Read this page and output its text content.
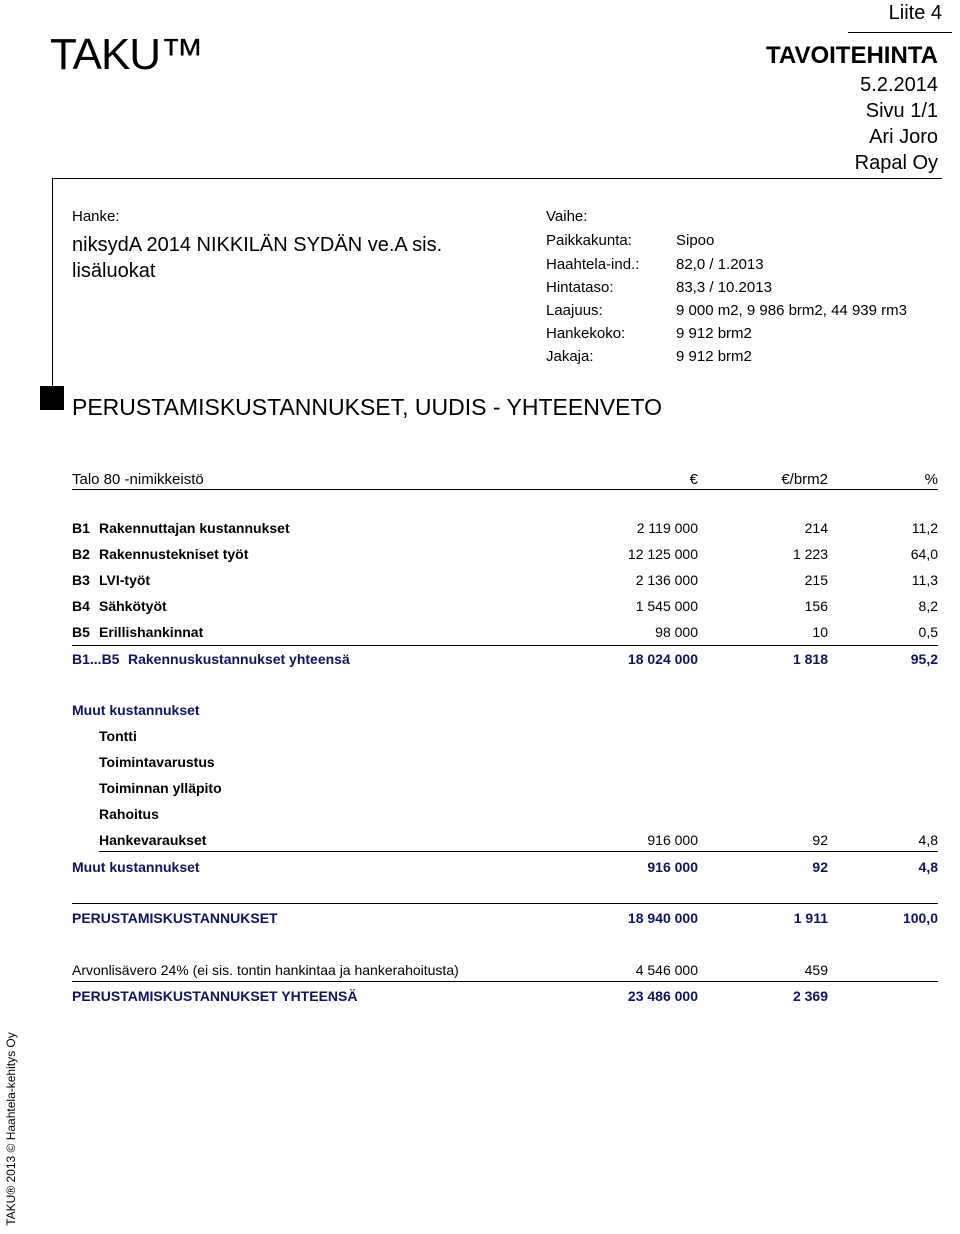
Liite 4
TAKU™	TAVOITEHINTA
5.2.2014
Sivu 1/1
Ari Joro
Rapal Oy
Hanke:
niksydA 2014 NIKKILÄN SYDÄN ve.A sis. lisäluokat
Vaihe:
Paikkakunta:	Sipoo
Haahtela-ind.: 82,0 / 1.2013
Hintataso:	83,3 / 10.2013
Laajuus:	9 000 m2, 9 986 brm2, 44 939 rm3
Hankekoko:	9 912 brm2
Jakaja:	9 912 brm2
PERUSTAMISKUSTANNUKSET, UUDIS - YHTEENVETO
Talo 80 -nimikkeistö	€	€/brm2	%
B1 Rakennuttajan kustannukset	2 119 000	214	11,2
B2 Rakennustekniset työt	12 125 000	1 223	64,0
B3 LVI-työt	2 136 000	215	11,3
B4 Sähkötyöt	1 545 000	156	8,2
B5 Erillishankinnat	98 000	10	0,5
B1...B5 Rakennuskustannukset yhteensä	18 024 000	1 818	95,2
Muut kustannukset
Tontti
Toimintavarustus
Toiminnan ylläpito
Rahoitus
Hankevaraukset	916 000	92	4,8
Muut kustannukset	916 000	92	4,8
PERUSTAMISKUSTANNUKSET	18 940 000	1 911	100,0
Arvonlisävero 24% (ei sis. tontin hankintaa ja hankerahoitusta)	4 546 000	459
PERUSTAMISKUSTANNUKSET YHTEENSÄ	23 486 000	2 369
TAKU® 2013 © Haahtela-kehitys Oy
